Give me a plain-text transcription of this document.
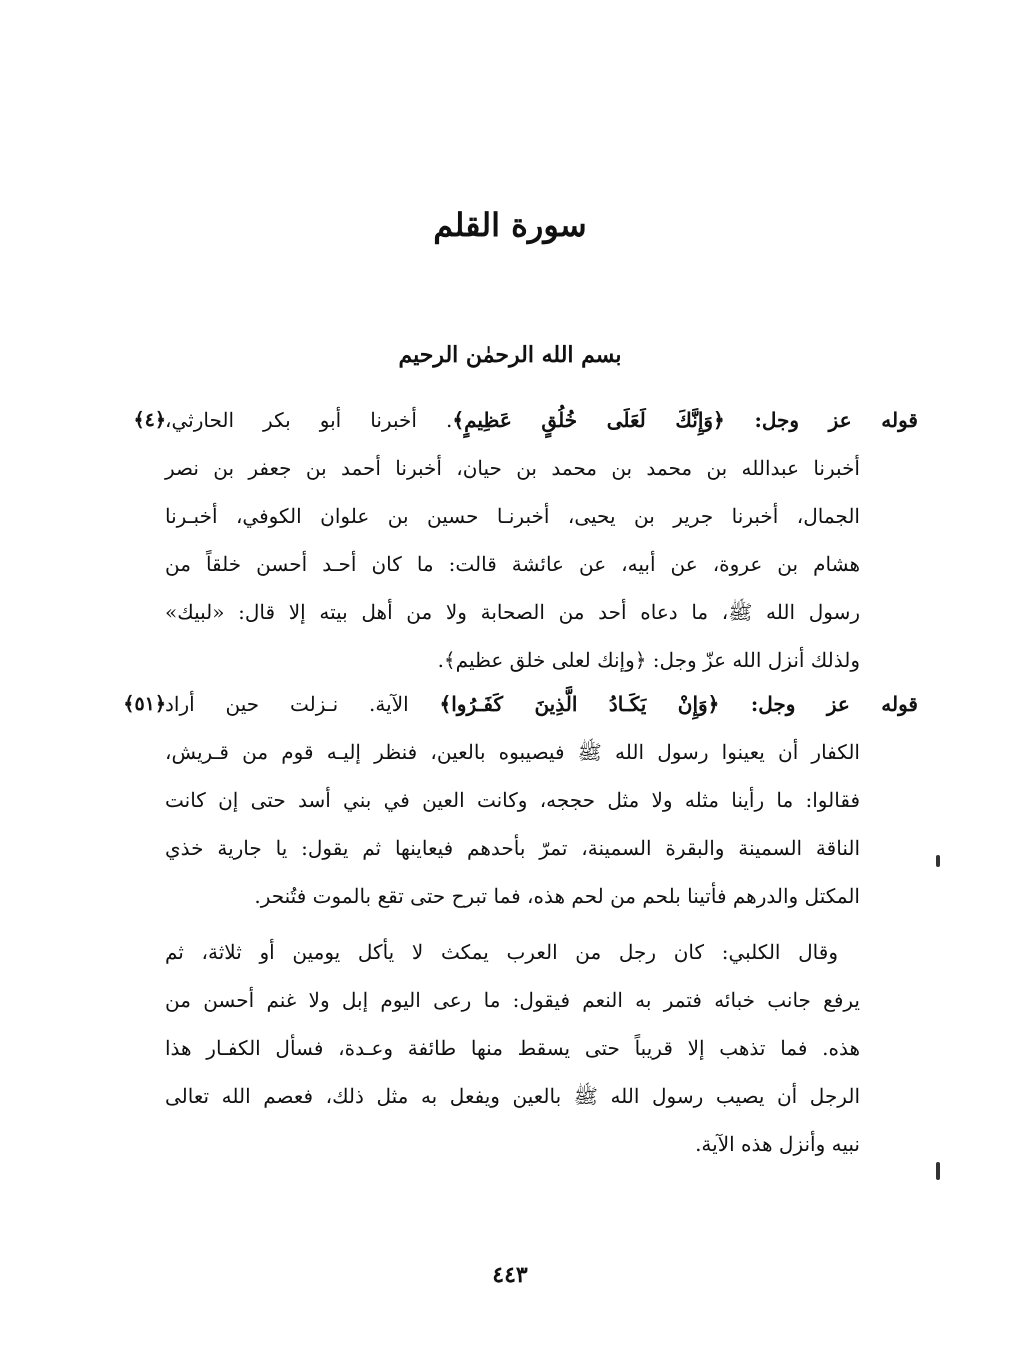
سورة القلم
بسم الله الرحمٰن الرحيم
قوله عز وجل: ﴿وَإِنَّكَ لَعَلَى خُلُقٍ عَظِيمٍ﴾. أخبرنا أبو بكر الحارثي،
﴿٤﴾
أخبرنا عبدالله بن محمد بن محمد بن حيان، أخبرنا أحمد بن جعفر بن نصر
الجمال، أخبرنا جرير بن يحيى، أخبرنـا حسين بن علوان الكوفي، أخبـرنا
هشام بن عروة، عن أبيه، عن عائشة قالت: ما كان أحـد أحسن خلقاً من
رسول الله ﷺ، ما دعاه أحد من الصحابة ولا من أهل بيته إلا قال: «لبيك»
ولذلك أنزل الله عزّ وجل: ﴿وإنك لعلى خلق عظيم﴾.
قوله عز وجل: ﴿وَإِنْ يَكَـادُ الَّذِينَ كَفَـرُوا﴾ الآية. نـزلت حين أراد
﴿٥١﴾
الكفار أن يعينوا رسول الله ﷺ فيصيبوه بالعين، فنظر إليـه قوم من قـريش،
فقالوا: ما رأينا مثله ولا مثل حججه، وكانت العين في بني أسد حتى إن كانت
الناقة السمينة والبقرة السمينة، تمرّ بأحدهم فيعاينها ثم يقول: يا جارية خذي
المكتل والدرهم فأتينا بلحم من لحم هذه، فما تبرح حتى تقع بالموت فتُنحر.
وقال الكلبي: كان رجل من العرب يمكث لا يأكل يومين أو ثلاثة، ثم
يرفع جانب خبائه فتمر به النعم فيقول: ما رعى اليوم إبل ولا غنم أحسن من
هذه. فما تذهب إلا قريباً حتى يسقط منها طائفة وعـدة، فسأل الكفـار هذا
الرجل أن يصيب رسول الله ﷺ بالعين ويفعل به مثل ذلك، فعصم الله تعالى
نبيه وأنزل هذه الآية.
٤٤٣
